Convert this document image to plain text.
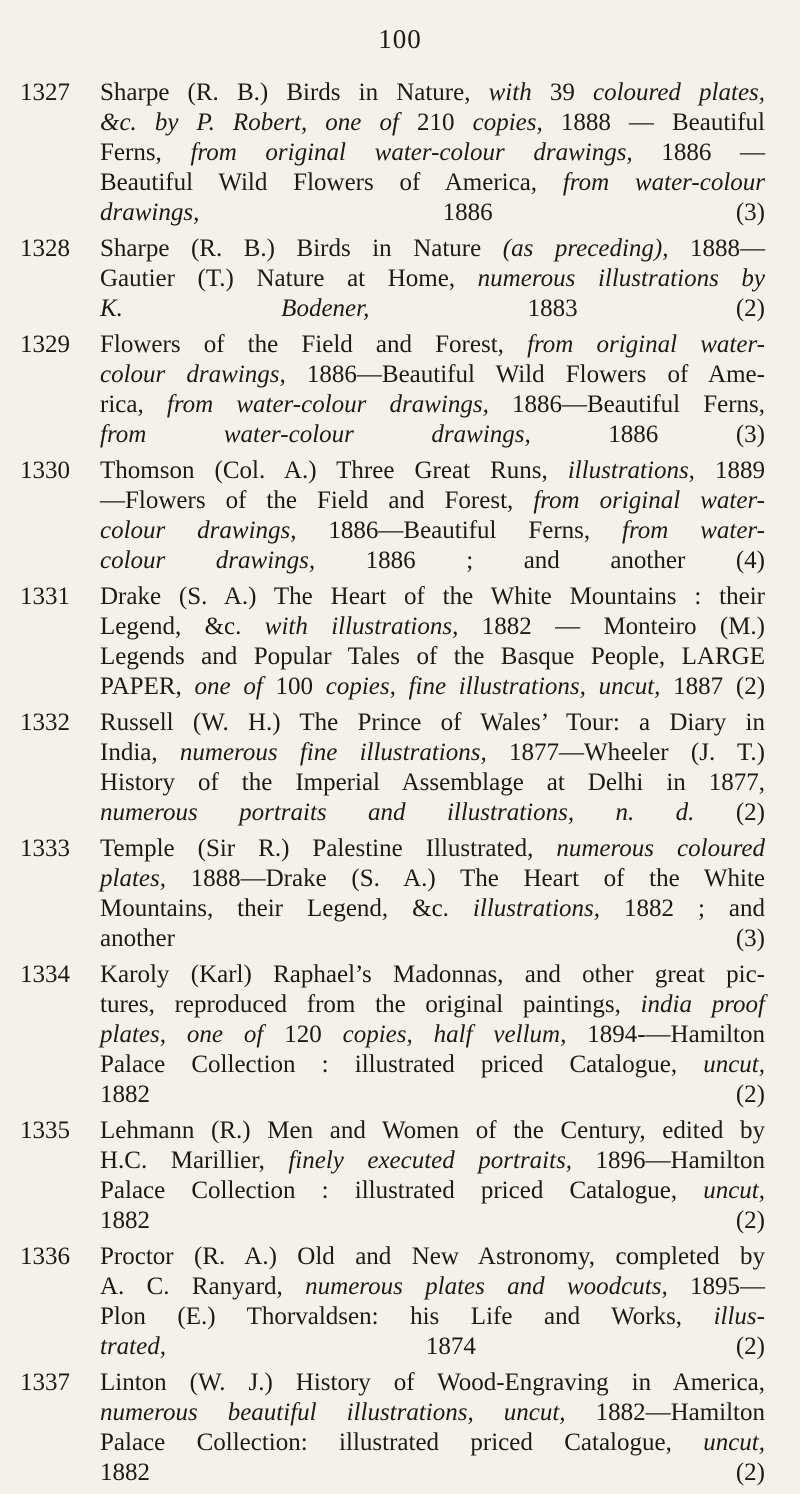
100
1327	Sharpe (R. B.) Birds in Nature, with 39 coloured plates,
&c. by P. Robert, one of 210 copies, 1888 — Beautiful
Ferns, from original water-colour drawings, 1886 —
Beautiful Wild Flowers of America, from water-colour
drawings, 1886 (3)
1328	Sharpe (R. B.) Birds in Nature (as preceding), 1888—
Gautier (T.) Nature at Home, numerous illustrations by
K. Bodener, 1883 (2)
1329	Flowers of the Field and Forest, from original water-
colour drawings, 1886—Beautiful Wild Flowers of Ame-
rica, from water-colour drawings, 1886—Beautiful Ferns,
from water-colour drawings, 1886 (3)
1330	Thomson (Col. A.) Three Great Runs, illustrations, 1889
—Flowers of the Field and Forest, from original water-
colour drawings, 1886—Beautiful Ferns, from water-
colour drawings, 1886 ; and another (4)
1331	Drake (S. A.) The Heart of the White Mountains : their
Legend, &c. with illustrations, 1882 — Monteiro (M.)
Legends and Popular Tales of the Basque People, LARGE
PAPER, one of 100 copies, fine illustrations, uncut, 1887 (2)
1332	Russell (W. H.) The Prince of Wales’ Tour: a Diary in
India, numerous fine illustrations, 1877—Wheeler (J. T.)
History of the Imperial Assemblage at Delhi in 1877,
numerous portraits and illustrations, n. d. (2)
1333	Temple (Sir R.) Palestine Illustrated, numerous coloured
plates, 1888—Drake (S. A.) The Heart of the White
Mountains, their Legend, &c. illustrations, 1882 ; and
another (3)
1334	Karoly (Karl) Raphael’s Madonnas, and other great pic-
tures, reproduced from the original paintings, india proof
plates, one of 120 copies, half vellum, 1894-—Hamilton
Palace Collection : illustrated priced Catalogue, uncut,
1882 (2)
1335	Lehmann (R.) Men and Women of the Century, edited by
H.C. Marillier, finely executed portraits, 1896—Hamilton
Palace Collection : illustrated priced Catalogue, uncut,
1882 (2)
1336	Proctor (R. A.) Old and New Astronomy, completed by
A. C. Ranyard, numerous plates and woodcuts, 1895—
Plon (E.) Thorvaldsen: his Life and Works, illus-
trated, 1874 (2)
1337	Linton (W. J.) History of Wood-Engraving in America,
numerous beautiful illustrations, uncut, 1882—Hamilton
Palace Collection: illustrated priced Catalogue, uncut,
1882 (2)
